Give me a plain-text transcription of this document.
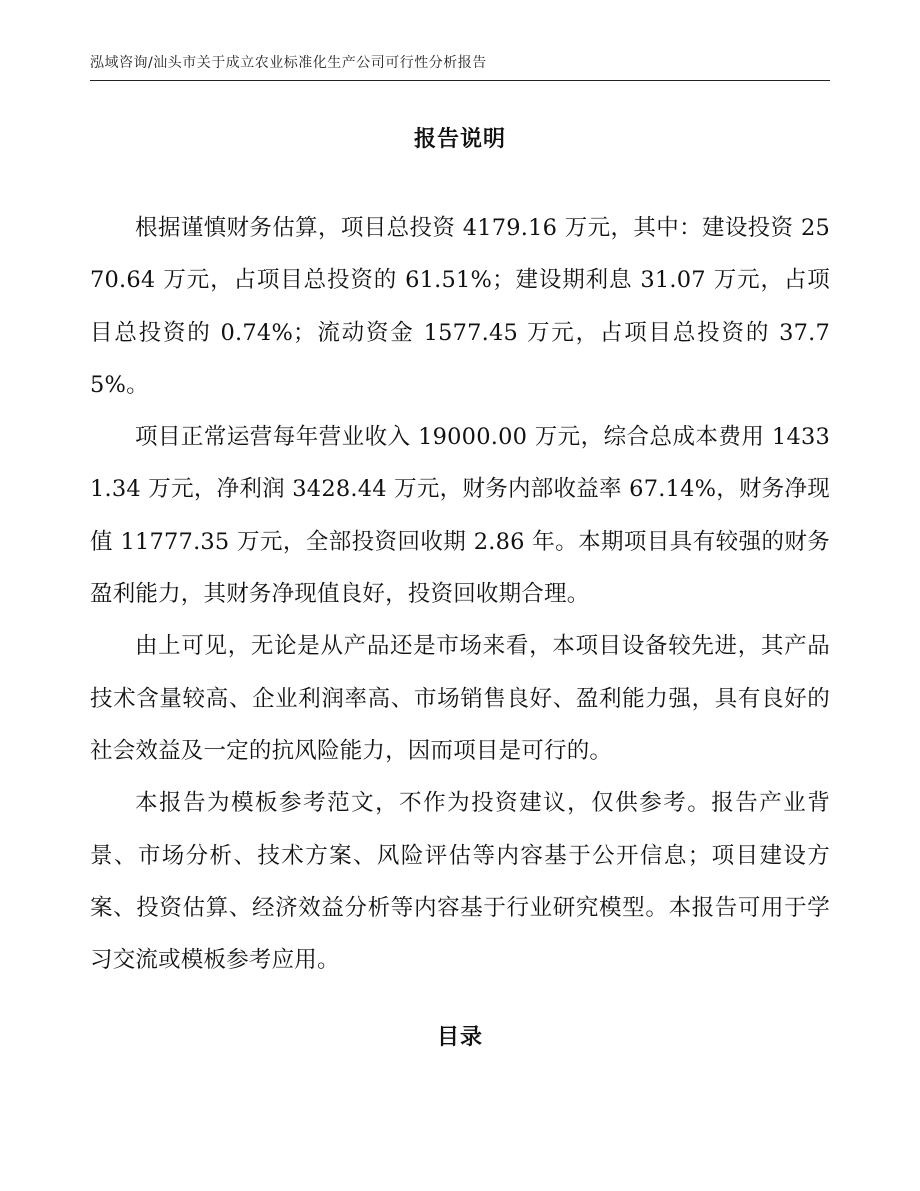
泓域咨询/汕头市关于成立农业标准化生产公司可行性分析报告
报告说明

根据谨慎财务估算，项目总投资 4179.16 万元，其中：建设投资 2570.64 万元，占项目总投资的 61.51%；建设期利息 31.07 万元，占项目总投资的 0.74%；流动资金 1577.45 万元，占项目总投资的 37.75%。

项目正常运营每年营业收入 19000.00 万元，综合总成本费用 14331.34 万元，净利润 3428.44 万元，财务内部收益率 67.14%，财务净现值 11777.35 万元，全部投资回收期 2.86 年。本期项目具有较强的财务盈利能力，其财务净现值良好，投资回收期合理。

由上可见，无论是从产品还是市场来看，本项目设备较先进，其产品技术含量较高、企业利润率高、市场销售良好、盈利能力强，具有良好的社会效益及一定的抗风险能力，因而项目是可行的。

本报告为模板参考范文，不作为投资建议，仅供参考。报告产业背景、市场分析、技术方案、风险评估等内容基于公开信息；项目建设方案、投资估算、经济效益分析等内容基于行业研究模型。本报告可用于学习交流或模板参考应用。

目录
